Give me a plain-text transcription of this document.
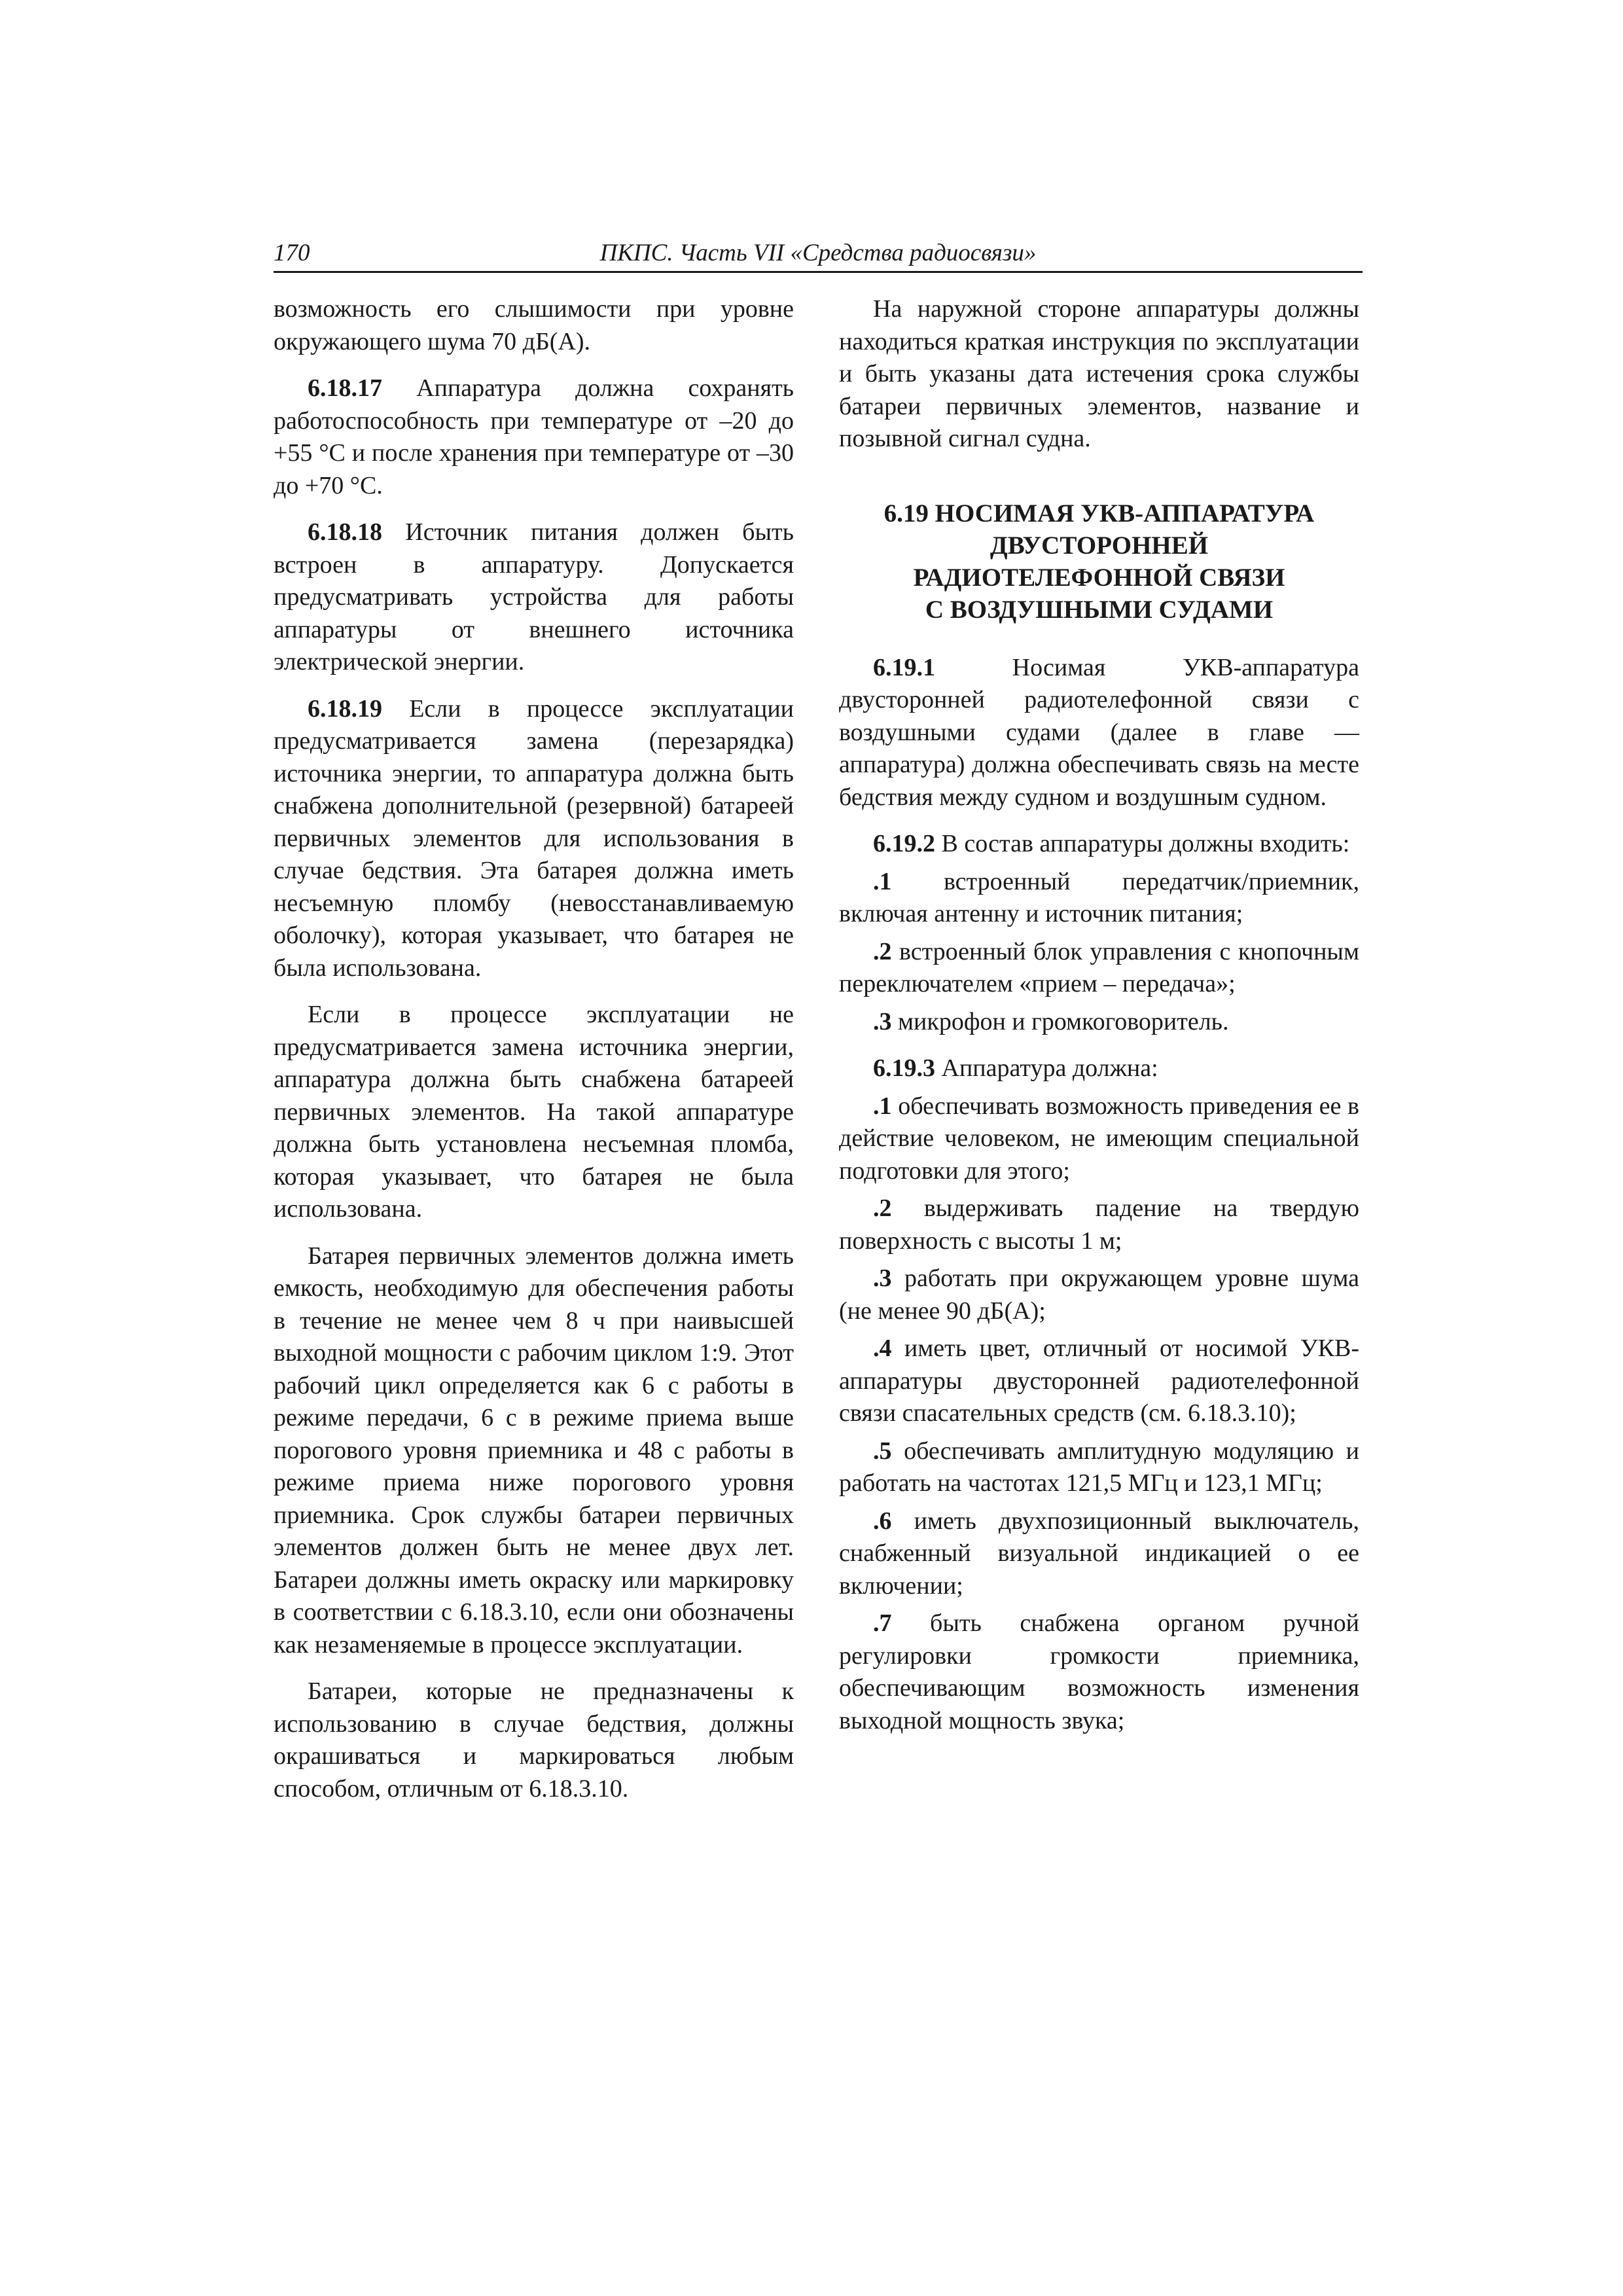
170	ПКПС. Часть VII «Средства радиосвязи»

возможность его слышимости при уровне окружающего шума 70 дБ(А).

6.18.17 Аппаратура должна сохранять работоспособность при температуре от –20 до +55 °С и после хранения при температуре от –30 до +70 °С.

6.18.18 Источник питания должен быть встроен в аппаратуру. Допускается предусматривать устройства для работы аппаратуры от внешнего источника электрической энергии.

6.18.19 Если в процессе эксплуатации предусматривается замена (перезарядка) источника энергии, то аппаратура должна быть снабжена дополнительной (резервной) батареей первичных элементов для использования в случае бедствия. Эта батарея должна иметь несъемную пломбу (невосстанавливаемую оболочку), которая указывает, что батарея не была использована.

Если в процессе эксплуатации не предусматривается замена источника энергии, аппаратура должна быть снабжена батареей первичных элементов. На такой аппаратуре должна быть установлена несъемная пломба, которая указывает, что батарея не была использована.

Батарея первичных элементов должна иметь емкость, необходимую для обеспечения работы в течение не менее чем 8 ч при наивысшей выходной мощности с рабочим циклом 1:9. Этот рабочий цикл определяется как 6 с работы в режиме передачи, 6 с в режиме приема выше порогового уровня приемника и 48 с работы в режиме приема ниже порогового уровня приемника. Срок службы батареи первичных элементов должен быть не менее двух лет. Батареи должны иметь окраску или маркировку в соответствии с 6.18.3.10, если они обозначены как незаменяемые в процессе эксплуатации.

Батареи, которые не предназначены к использованию в случае бедствия, должны окрашиваться и маркироваться любым способом, отличным от 6.18.3.10.

На наружной стороне аппаратуры должны находиться краткая инструкция по эксплуатации и быть указаны дата истечения срока службы батареи первичных элементов, название и позывной сигнал судна.

6.19 НОСИМАЯ УКВ-АППАРАТУРА
ДВУСТОРОННЕЙ
РАДИОТЕЛЕФОННОЙ СВЯЗИ
С ВОЗДУШНЫМИ СУДАМИ

6.19.1	Носимая УКВ-аппаратура двусторонней радиотелефонной связи с воздушными судами (далее в главе — аппаратура) должна обеспечивать связь на месте бедствия между судном и воздушным судном.

6.19.2 В состав аппаратуры должны входить:

.1 встроенный передатчик/приемник, включая антенну и источник питания;

.2 встроенный блок управления с кнопочным переключателем «прием – передача»;

.3 микрофон и громкоговоритель.

6.19.3 Аппаратура должна:

.1 обеспечивать возможность приведения ее в действие человеком, не имеющим специальной подготовки для этого;

.2 выдерживать падение на твердую поверхность с высоты 1 м;

.3 работать при окружающем уровне шума (не менее 90 дБ(А);

.4 иметь цвет, отличный от носимой УКВ-аппаратуры двусторонней радиотелефонной связи спасательных средств (см. 6.18.3.10);

.5 обеспечивать амплитудную модуляцию и работать на частотах 121,5 МГц и 123,1 МГц;

.6 иметь двухпозиционный выключатель, снабженный визуальной индикацией о ее включении;

.7 быть снабжена органом ручной регулировки громкости приемника, обеспечивающим возможность изменения выходной мощность звука;
